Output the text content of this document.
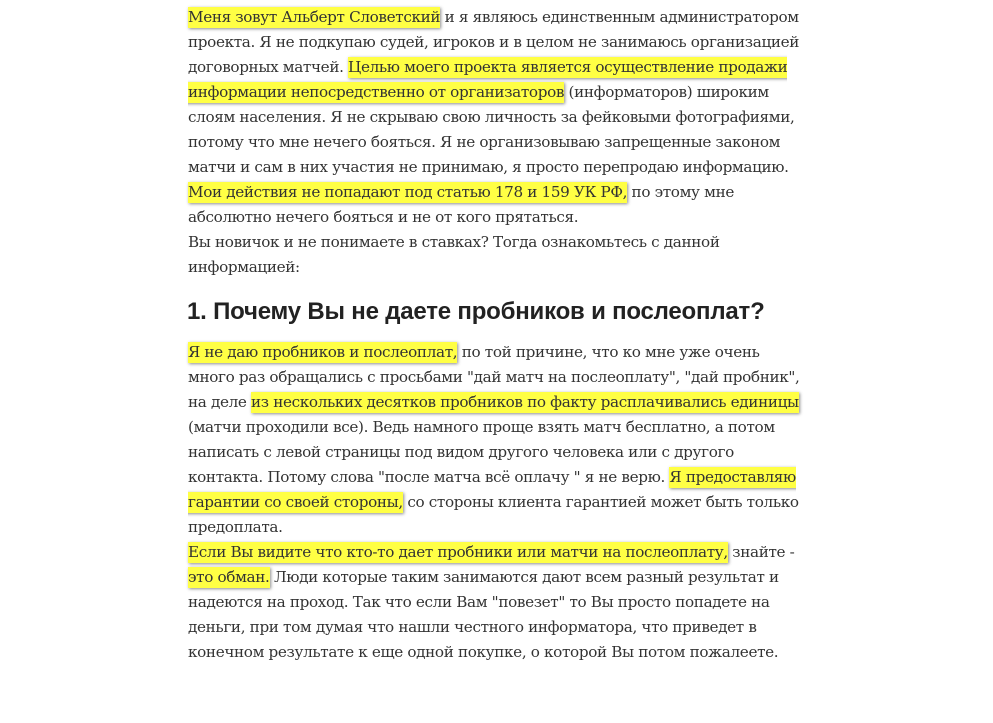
Меня зовут Альберт Словетский и я являюсь единственным администратором проекта. Я не подкупаю судей, игроков и в целом не занимаюсь организацией договорных матчей. Целью моего проекта является осуществление продажи информации непосредственно от организаторов (информаторов) широким слоям населения. Я не скрываю свою личность за фейковыми фотографиями, потому что мне нечего бояться. Я не организовываю запрещенные законом матчи и сам в них участия не принимаю, я просто перепродаю информацию. Мои действия не попадают под статью 178 и 159 УК РФ, по этому мне абсолютно нечего бояться и не от кого прятаться.

Вы новичок и не понимаете в ставках? Тогда ознакомьтесь с данной информацией:

1. Почему Вы не даете пробников и послеоплат?

Я не даю пробников и послеоплат, по той причине, что ко мне уже очень много раз обращались с просьбами "дай матч на послеоплату", "дай пробник", на деле из нескольких десятков пробников по факту расплачивались единицы (матчи проходили все). Ведь намного проще взять матч бесплатно, а потом написать с левой страницы под видом другого человека или с другого контакта. Потому слова "после матча всё оплачу " я не верю. Я предоставляю гарантии со своей стороны, со стороны клиента гарантией может быть только предоплата.

Если Вы видите что кто-то дает пробники или матчи на послеоплату, знайте - это обман. Люди которые таким занимаются дают всем разный результат и надеются на проход. Так что если Вам "повезет" то Вы просто попадете на деньги, при том думая что нашли честного информатора, что приведет в конечном результате к еще одной покупке, о которой Вы потом пожалеете.
